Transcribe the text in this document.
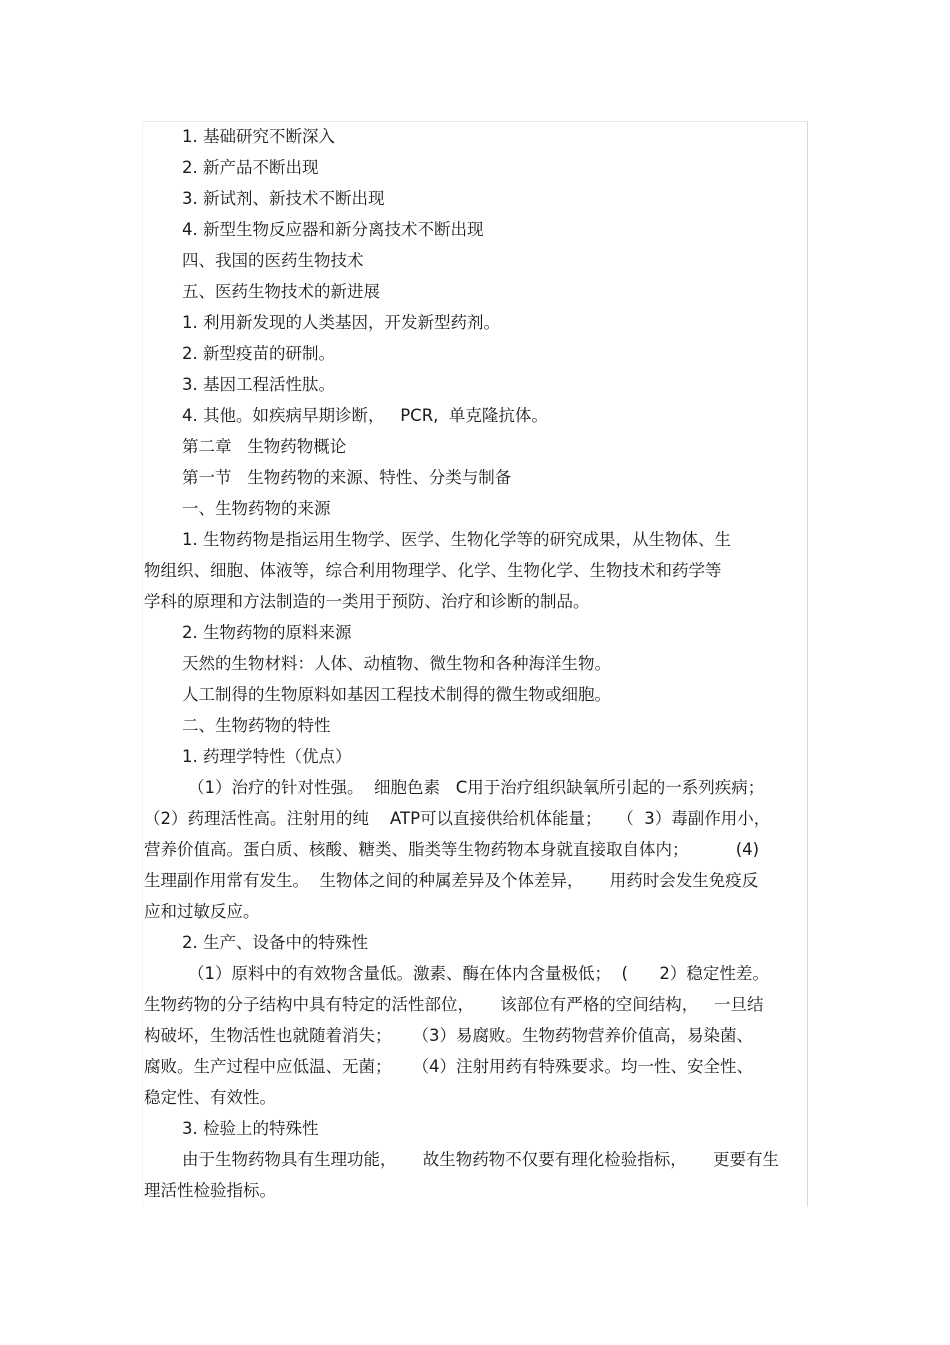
1. 基础研究不断深入
2. 新产品不断出现
3. 新试剂、新技术不断出现
4. 新型生物反应器和新分离技术不断出现
四、我国的医药生物技术
五、医药生物技术的新进展
1. 利用新发现的人类基因，开发新型药剂。
2. 新型疫苗的研制。
3. 基因工程活性肽。
4. 其他。如疾病早期诊断，   PCR,  单克隆抗体。
第二章   生物药物概论
第一节   生物药物的来源、特性、分类与制备
一、生物药物的来源
1. 生物药物是指运用生物学、医学、生物化学等的研究成果，从生物体、生
物组织、细胞、体液等，综合利用物理学、化学、生物化学、生物技术和药学等
学科的原理和方法制造的一类用于预防、治疗和诊断的制品。
2. 生物药物的原料来源
天然的生物材料：人体、动植物、微生物和各种海洋生物。
人工制得的生物原料如基因工程技术制得的微生物或细胞。
二、生物药物的特性
1. 药理学特性（优点）
（1）治疗的针对性强。  细胞色素   C用于治疗组织缺氧所引起的一系列疾病；
（2）药理活性高。注射用的纯    ATP可以直接供给机体能量；   （  3）毒副作用小，
营养价值高。蛋白质、核酸、糖类、脂类等生物药物本身就直接取自体内；         (4)
生理副作用常有发生。  生物体之间的种属差异及个体差异，     用药时会发生免疫反
应和过敏反应。
2. 生产、设备中的特殊性
（1）原料中的有效物含量低。激素、酶在体内含量极低；  (      2）稳定性差。
生物药物的分子结构中具有特定的活性部位，     该部位有严格的空间结构，   一旦结
构破坏，生物活性也就随着消失；    （3）易腐败。生物药物营养价值高，易染菌、
腐败。生产过程中应低温、无菌；    （4）注射用药有特殊要求。均一性、安全性、
稳定性、有效性。
3. 检验上的特殊性
由于生物药物具有生理功能，     故生物药物不仅要有理化检验指标，     更要有生
理活性检验指标。
